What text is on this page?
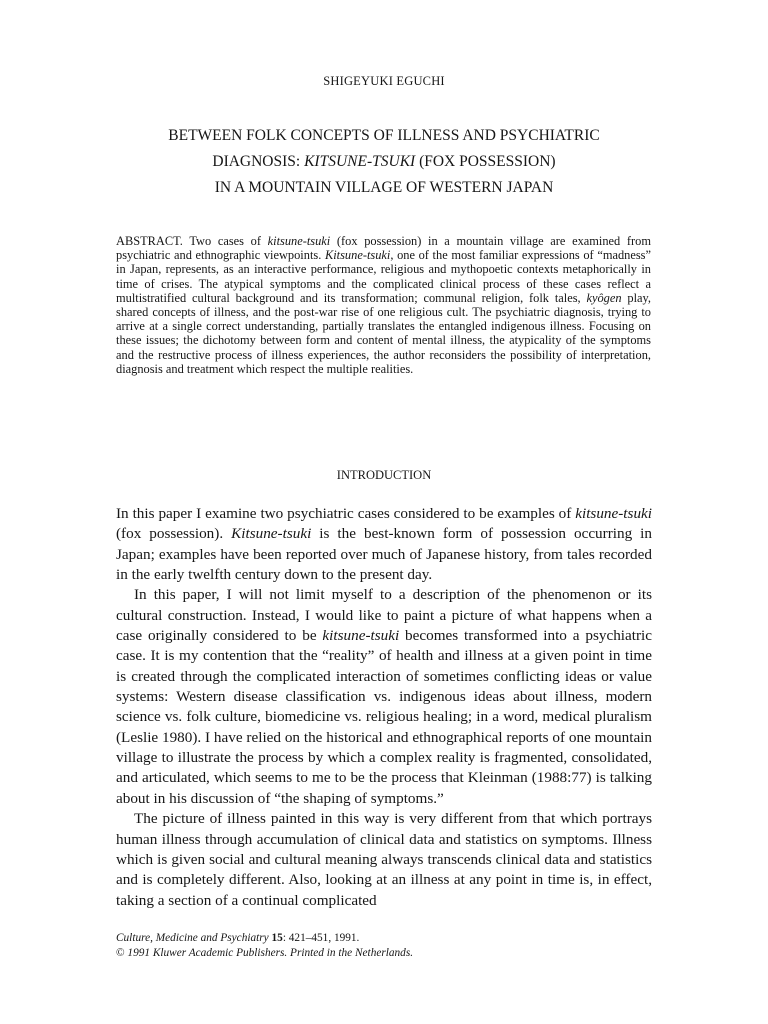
SHIGEYUKI EGUCHI
BETWEEN FOLK CONCEPTS OF ILLNESS AND PSYCHIATRIC
DIAGNOSIS: KITSUNE-TSUKI (FOX POSSESSION)
IN A MOUNTAIN VILLAGE OF WESTERN JAPAN

ABSTRACT. Two cases of kitsune-tsuki (fox possession) in a mountain village are examined from psychiatric and ethnographic viewpoints. Kitsune-tsuki, one of the most familiar expressions of “madness” in Japan, represents, as an interactive performance, religious and mythopoetic contexts metaphorically in time of crises. The atypical symptoms and the complicated clinical process of these cases reflect a multistratified cultural background and its transformation; communal religion, folk tales, kyôgen play, shared concepts of illness, and the post-war rise of one religious cult. The psychiatric diagnosis, trying to arrive at a single correct understanding, partially translates the entangled indigenous illness. Focusing on these issues; the dichotomy between form and content of mental illness, the atypicality of the symptoms and the restructive process of illness experiences, the author reconsiders the possibility of interpretation, diagnosis and treatment which respect the multiple realities.

INTRODUCTION

In this paper I examine two psychiatric cases considered to be examples of kitsune-tsuki (fox possession). Kitsune-tsuki is the best-known form of possession occurring in Japan; examples have been reported over much of Japanese history, from tales recorded in the early twelfth century down to the present day.

In this paper, I will not limit myself to a description of the phenomenon or its cultural construction. Instead, I would like to paint a picture of what happens when a case originally considered to be kitsune-tsuki becomes transformed into a psychiatric case. It is my contention that the “reality” of health and illness at a given point in time is created through the complicated interaction of sometimes conflicting ideas or value systems: Western disease classification vs. indigenous ideas about illness, modern science vs. folk culture, biomedicine vs. religious healing; in a word, medical pluralism (Leslie 1980). I have relied on the historical and ethnographical reports of one mountain village to illustrate the process by which a complex reality is fragmented, consolidated, and articulated, which seems to me to be the process that Kleinman (1988:77) is talking about in his discussion of “the shaping of symptoms.”

The picture of illness painted in this way is very different from that which portrays human illness through accumulation of clinical data and statistics on symptoms. Illness which is given social and cultural meaning always transcends clinical data and statistics and is completely different. Also, looking at an illness at any point in time is, in effect, taking a section of a continual complicated

Culture, Medicine and Psychiatry 15: 421–451, 1991.
© 1991 Kluwer Academic Publishers. Printed in the Netherlands.
